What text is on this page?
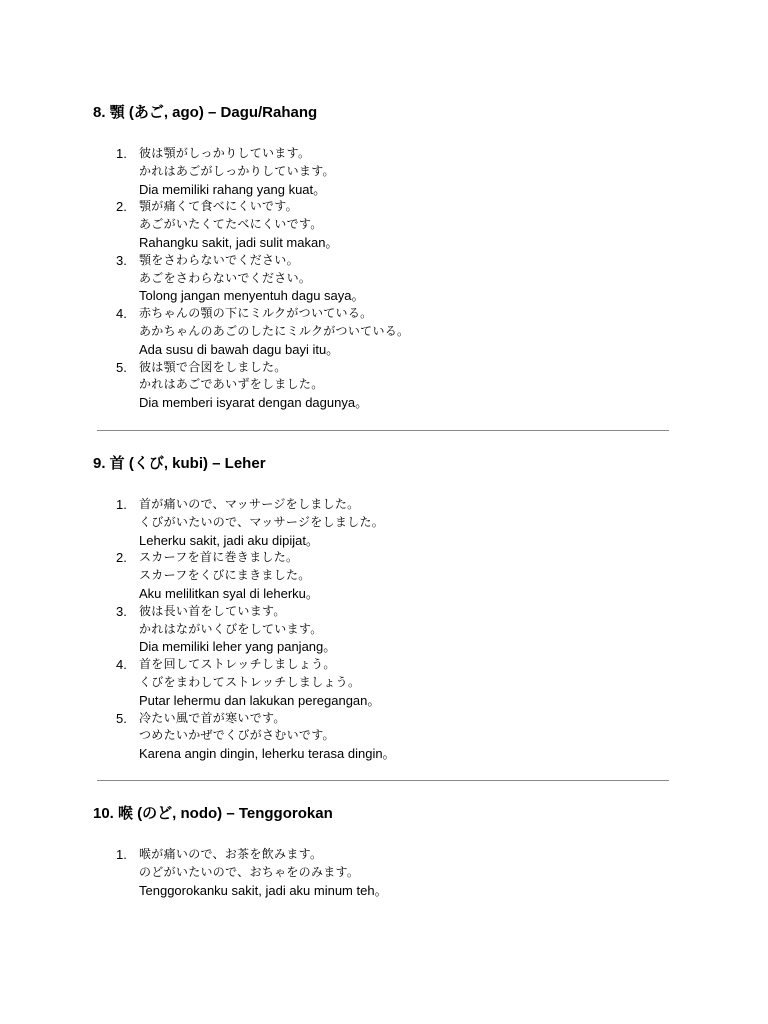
8. 顎 (あご, ago) – Dagu/Rahang
1. 彼は顎がしっかりしています。
かれはあごがしっかりしています。
Dia memiliki rahang yang kuat。
2. 顎が痛くて食べにくいです。
あごがいたくてたべにくいです。
Rahangku sakit, jadi sulit makan。
3. 顎をさわらないでください。
あごをさわらないでください。
Tolong jangan menyentuh dagu saya。
4. 赤ちゃんの顎の下にミルクがついている。
あかちゃんのあごのしたにミルクがついている。
Ada susu di bawah dagu bayi itu。
5. 彼は顎で合図をしました。
かれはあごであいずをしました。
Dia memberi isyarat dengan dagunya。
9. 首 (くび, kubi) – Leher
1. 首が痛いので、マッサージをしました。
くびがいたいので、マッサージをしました。
Leherku sakit, jadi aku dipijat。
2. スカーフを首に巻きました。
スカーフをくびにまきました。
Aku melilitkan syal di leherku。
3. 彼は長い首をしています。
かれはながいくびをしています。
Dia memiliki leher yang panjang。
4. 首を回してストレッチしましょう。
くびをまわしてストレッチしましょう。
Putar lehermu dan lakukan peregangan。
5. 冷たい風で首が寒いです。
つめたいかぜでくびがさむいです。
Karena angin dingin, leherku terasa dingin。
10. 喉 (のど, nodo) – Tenggorokan
1. 喉が痛いので、お茶を飲みます。
のどがいたいので、おちゃをのみます。
Tenggorokanku sakit, jadi aku minum teh。
